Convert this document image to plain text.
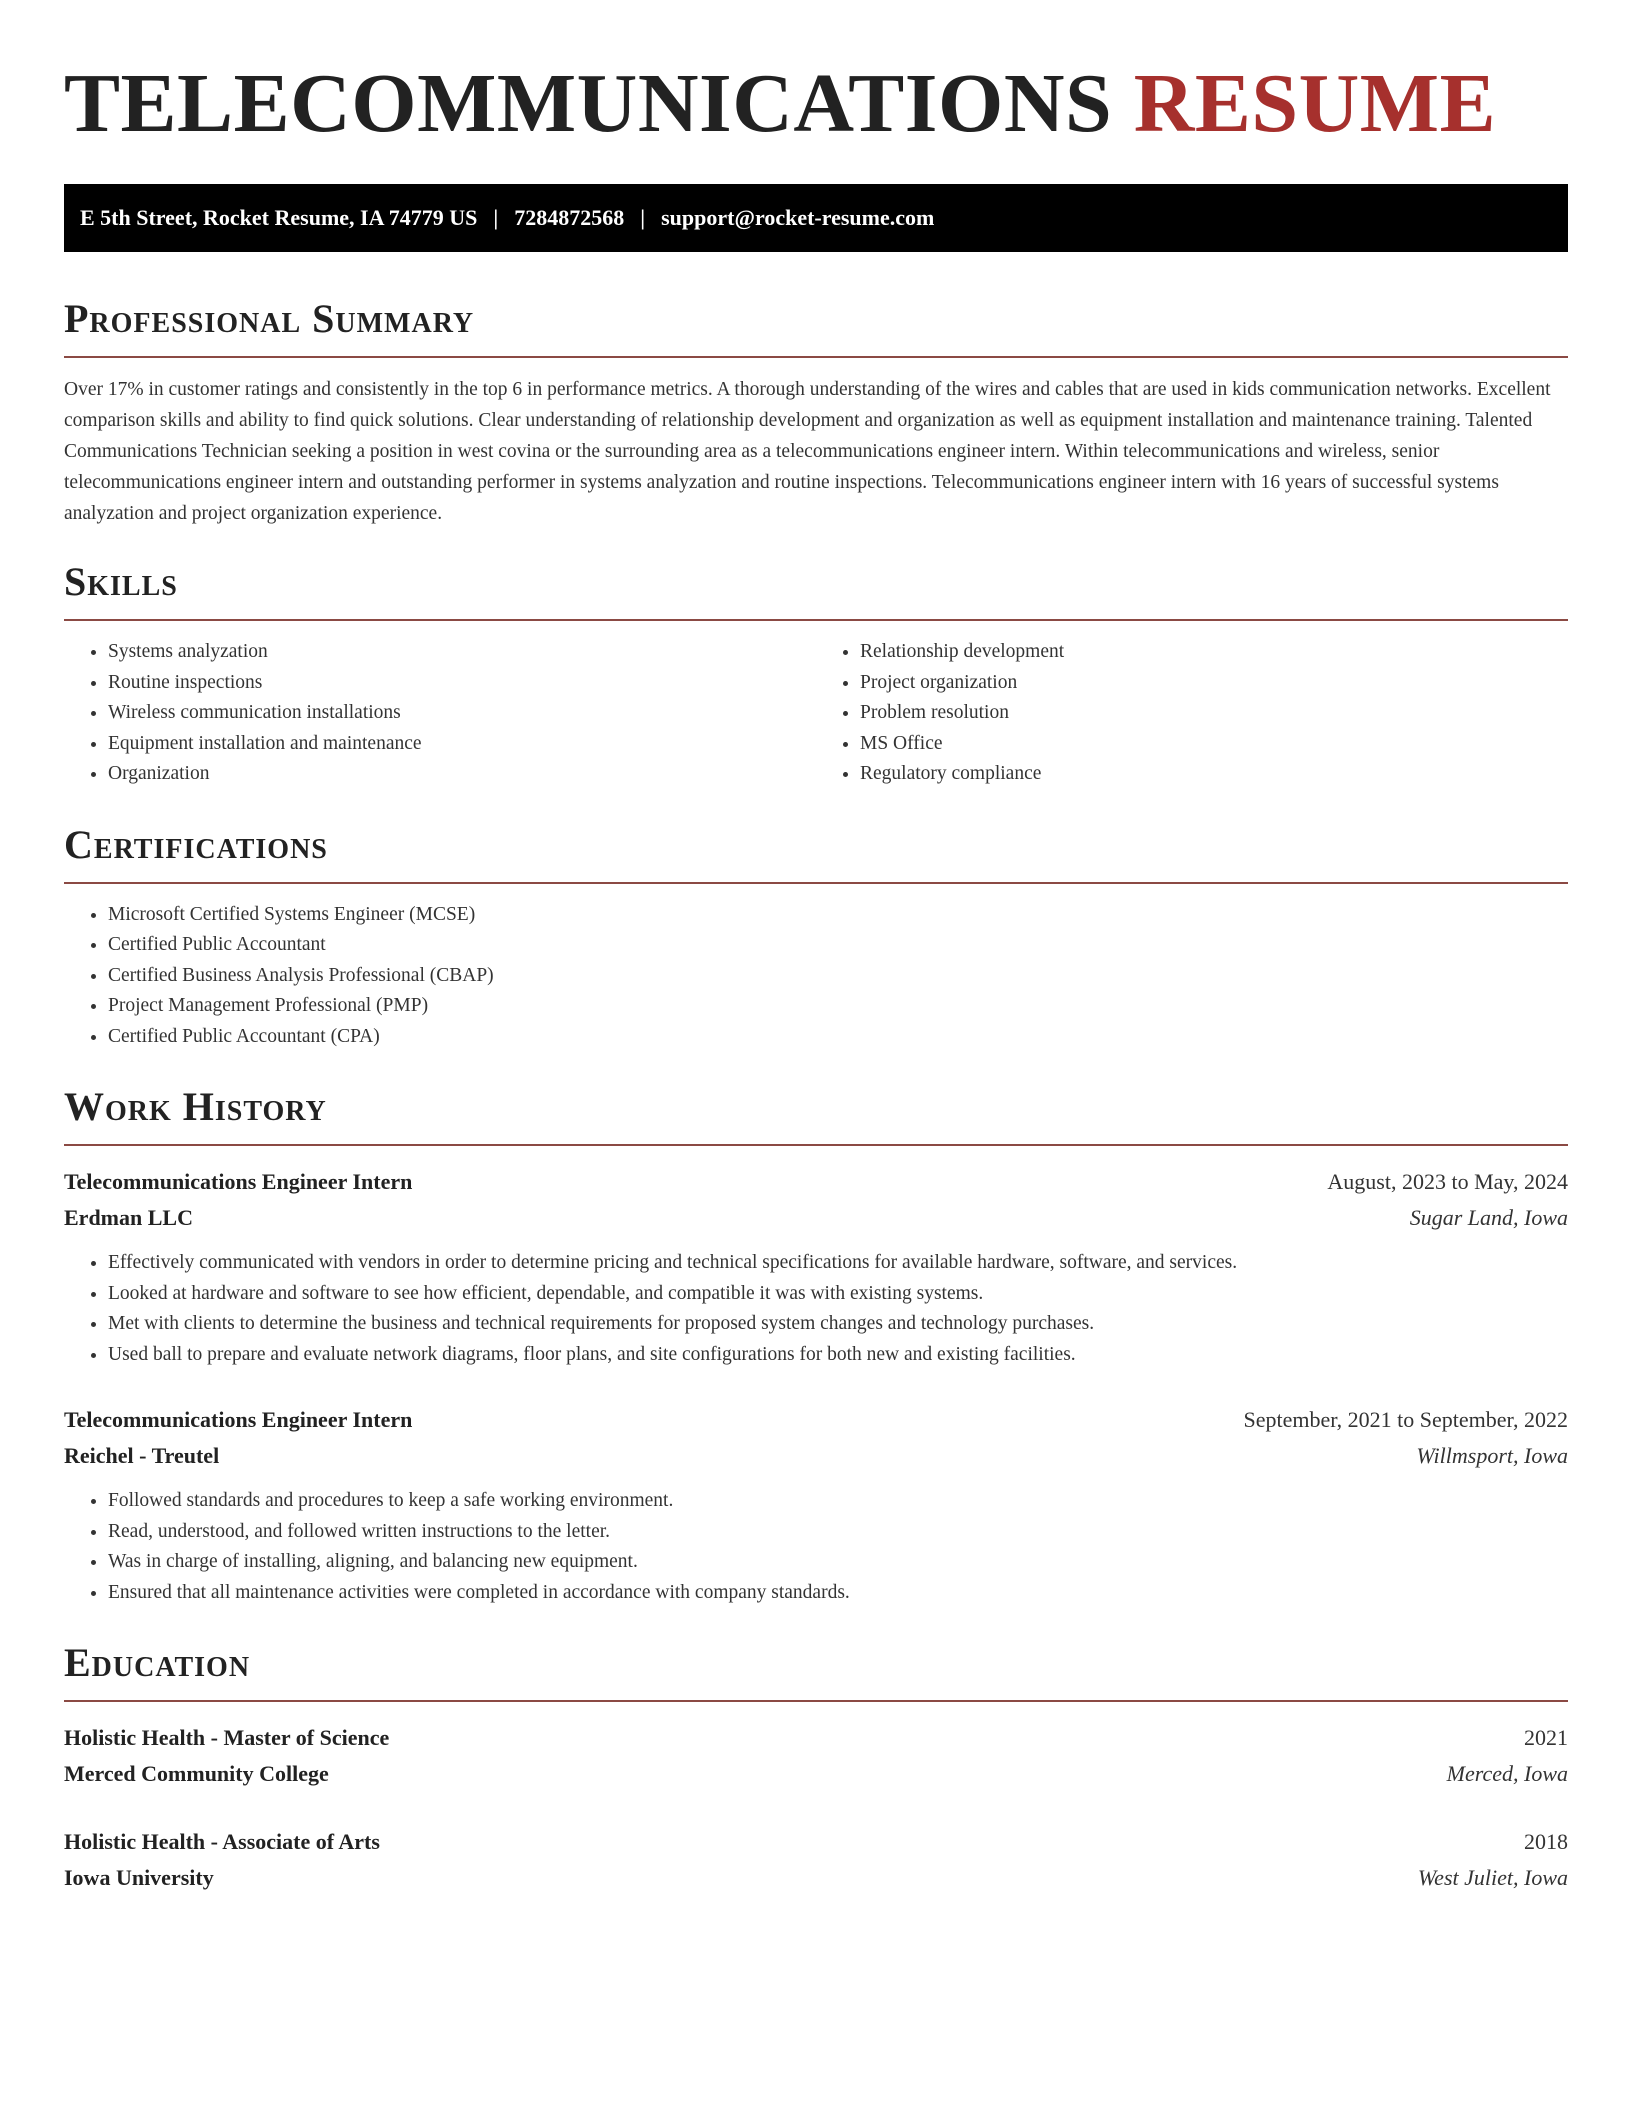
TELECOMMUNICATIONS RESUME
E 5th Street, Rocket Resume, IA 74779 US | 7284872568 | support@rocket-resume.com
Professional Summary

Over 17% in customer ratings and consistently in the top 6 in performance metrics. A thorough understanding of the wires and cables that are used in kids communication networks. Excellent comparison skills and ability to find quick solutions. Clear understanding of relationship development and organization as well as equipment installation and maintenance training. Talented Communications Technician seeking a position in west covina or the surrounding area as a telecommunications engineer intern. Within telecommunications and wireless, senior telecommunications engineer intern and outstanding performer in systems analyzation and routine inspections. Telecommunications engineer intern with 16 years of successful systems analyzation and project organization experience.

Skills
• Systems analyzation
• Routine inspections
• Wireless communication installations
• Equipment installation and maintenance
• Organization
• Relationship development
• Project organization
• Problem resolution
• MS Office
• Regulatory compliance
Certifications
• Microsoft Certified Systems Engineer (MCSE)
• Certified Public Accountant
• Certified Business Analysis Professional (CBAP)
• Project Management Professional (PMP)
• Certified Public Accountant (CPA)
Work History
Telecommunications Engineer Intern	August, 2023 to May, 2024
Erdman LLC	Sugar Land, Iowa
• Effectively communicated with vendors in order to determine pricing and technical specifications for available hardware, software, and services.
• Looked at hardware and software to see how efficient, dependable, and compatible it was with existing systems.
• Met with clients to determine the business and technical requirements for proposed system changes and technology purchases.
• Used ball to prepare and evaluate network diagrams, floor plans, and site configurations for both new and existing facilities.
Telecommunications Engineer Intern	September, 2021 to September, 2022
Reichel - Treutel	Willmsport, Iowa
• Followed standards and procedures to keep a safe working environment.
• Read, understood, and followed written instructions to the letter.
• Was in charge of installing, aligning, and balancing new equipment.
• Ensured that all maintenance activities were completed in accordance with company standards.
Education
Holistic Health - Master of Science	2021
Merced Community College	Merced, Iowa
Holistic Health - Associate of Arts	2018
Iowa University	West Juliet, Iowa
